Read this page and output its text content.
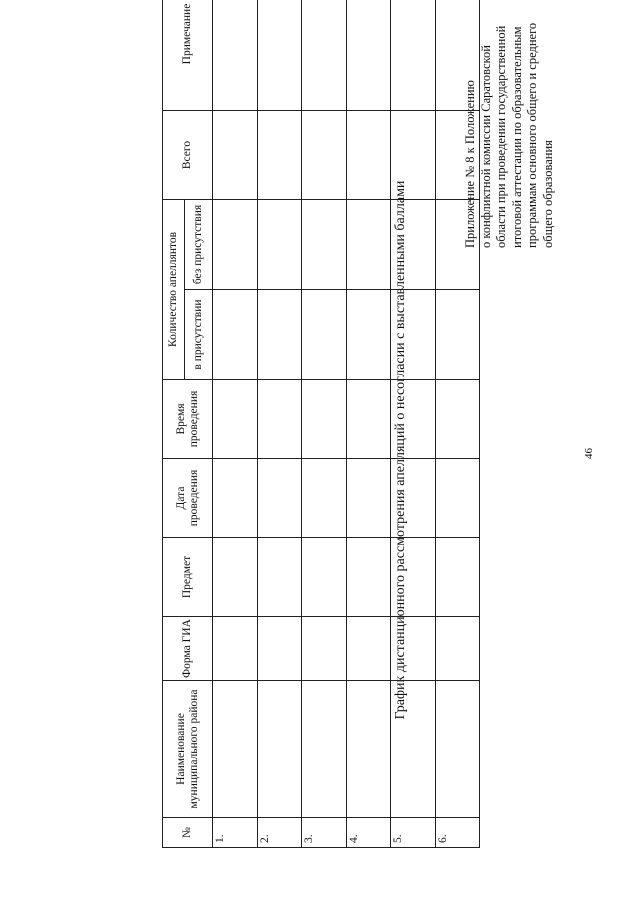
46
Приложение № 8 к Положению о конфликтной комиссии Саратовской области при проведении государственной итоговой аттестации по образовательным программам основного общего и среднего общего образования
График дистанционного рассмотрения апелляций о несогласии с выставленными баллами
№	Наименование муниципального района	Форма ГИА	Предмет	Дата проведения	Время проведения	Количество апеллянтов		Всего	Примечание
						в присутствии	без присутствия		
1.									
2.									
3.									
4.									
5.									
6.									
